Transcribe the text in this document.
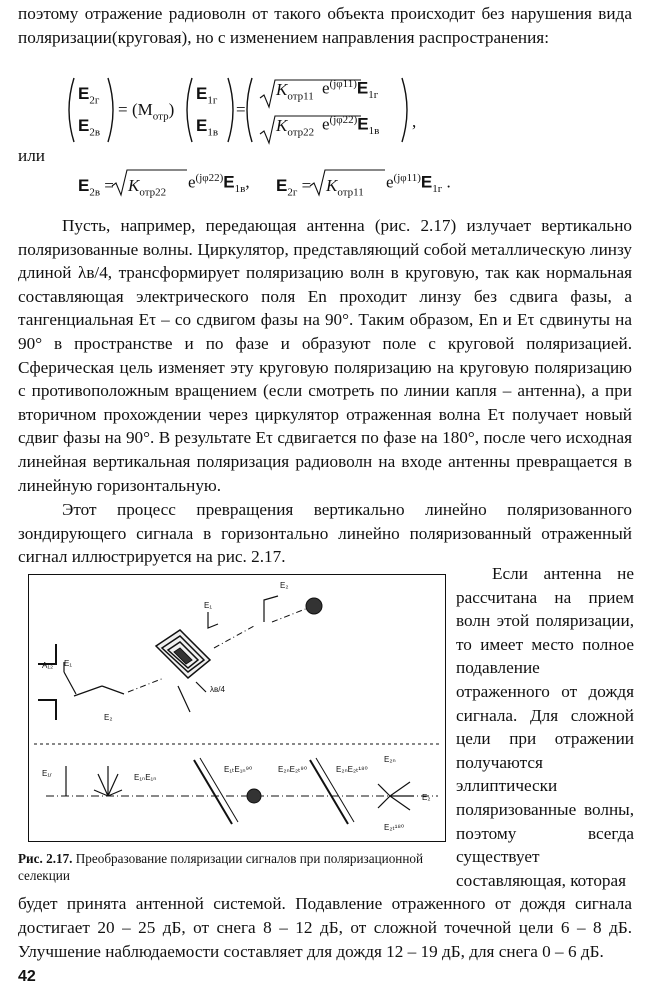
поэтому отражение радиоволн от такого объекта происходит без нарушения вида поляризации(круговая), но с изменением направления распространения:

$E_{2г}$
$E_{2в}$
= $(M_{отр})$
$E_{1г}$
$E_{1в}$
=
$K_{отр11}$ $e^{(j\varphi 11)}E_{1г}$
$K_{отр22}$ $e^{(j\varphi 22)}E_{1в}$
,
или
$E_{2в} = K_{отр22}$
$e^{(j\varphi 22)}E_{1в}$, $E_{2г} = K_{отр11}$
$e^{(j\varphi 11)}E_{1г}$ .

Пусть, например, передающая антенна (рис. 2.17) излучает вертикально поляризованные волны. Циркулятор, представляющий собой металлическую линзу длиной λв/4, трансформирует поляризацию волн в круговую, так как нормальная составляющая электрического поля En проходит линзу без сдвига фазы, а тангенциальная Eτ – со сдвигом фазы на 90°. Таким образом, En и Eτ сдвинуты на 90° в пространстве и по фазе и образуют поле с круговой поляризацией. Сферическая цель изменяет эту круговую поляризацию на круговую поляризацию с противоположным вращением (если смотреть по линии капля – антенна), а при вторичном прохождении через циркулятор отраженная волна Eτ получает новый сдвиг фазы на 90°. В результате Eτ сдвигается по фазе на 180°, после чего исходная линейная вертикальная поляризация радиоволн на входе антенны превращается в линейную горизонтальную.

Этот процесс превращения вертикально линейно поляризованного зондирующего сигнала в горизонтально линейно поляризованный отраженный сигнал иллюстрируется на рис. 2.17.

A₁₂ E₁
E₂
λв/4
E₁
E₂
E₁ᵣ	E₁ₙE₁ₙ
E₁ₜE₁ₙ⁹⁰	E₂ₙE₂ₜ⁹⁰	E₂ₙE₂ₜ¹⁸⁰
E₂ₙ
E₂
E₂ₜ¹⁸⁰
Рис. 2.17. Преобразование поляризации сигналов при поляризационной селекции

Если антенна не рассчитана на прием волн этой поляризации, то имеет место полное подавление отраженного от дождя сигнала. Для сложной цели при отражении получаются эллиптически поляризованные волны, поэтому всегда существует составляющая, которая

42

будет принята антенной системой. Подавление отраженного от дождя сигнала достигает 20 – 25 дБ, от снега 8 – 12 дБ, от сложной точечной цели 6 – 8 дБ. Улучшение наблюдаемости составляет для дождя 12 – 19 дБ, для снега 0 – 6 дБ.
